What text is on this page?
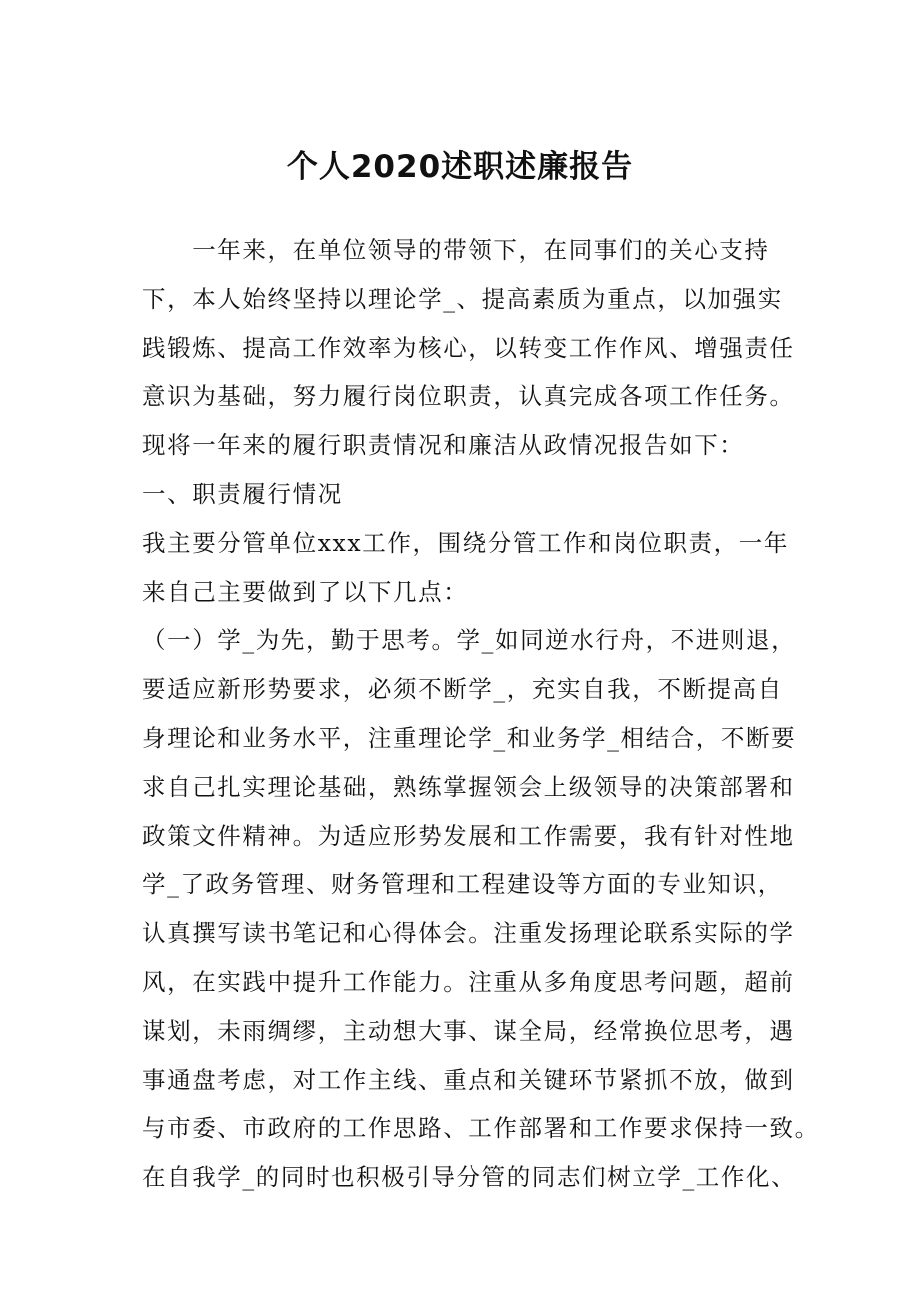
个人2020述职述廉报告
　　一年来，在单位领导的带领下，在同事们的关心支持
下，本人始终坚持以理论学_、提高素质为重点，以加强实
践锻炼、提高工作效率为核心，以转变工作作风、增强责任
意识为基础，努力履行岗位职责，认真完成各项工作任务。
现将一年来的履行职责情况和廉洁从政情况报告如下：
一、职责履行情况
我主要分管单位xxx工作，围绕分管工作和岗位职责，一年
来自己主要做到了以下几点：
（一）学_为先，勤于思考。学_如同逆水行舟，不进则退，
要适应新形势要求，必须不断学_，充实自我，不断提高自
身理论和业务水平，注重理论学_和业务学_相结合，不断要
求自己扎实理论基础，熟练掌握领会上级领导的决策部署和
政策文件精神。为适应形势发展和工作需要，我有针对性地
学_了政务管理、财务管理和工程建设等方面的专业知识，
认真撰写读书笔记和心得体会。注重发扬理论联系实际的学
风，在实践中提升工作能力。注重从多角度思考问题，超前
谋划，未雨绸缪，主动想大事、谋全局，经常换位思考，遇
事通盘考虑，对工作主线、重点和关键环节紧抓不放，做到
与市委、市政府的工作思路、工作部署和工作要求保持一致。
在自我学_的同时也积极引导分管的同志们树立学_工作化、
